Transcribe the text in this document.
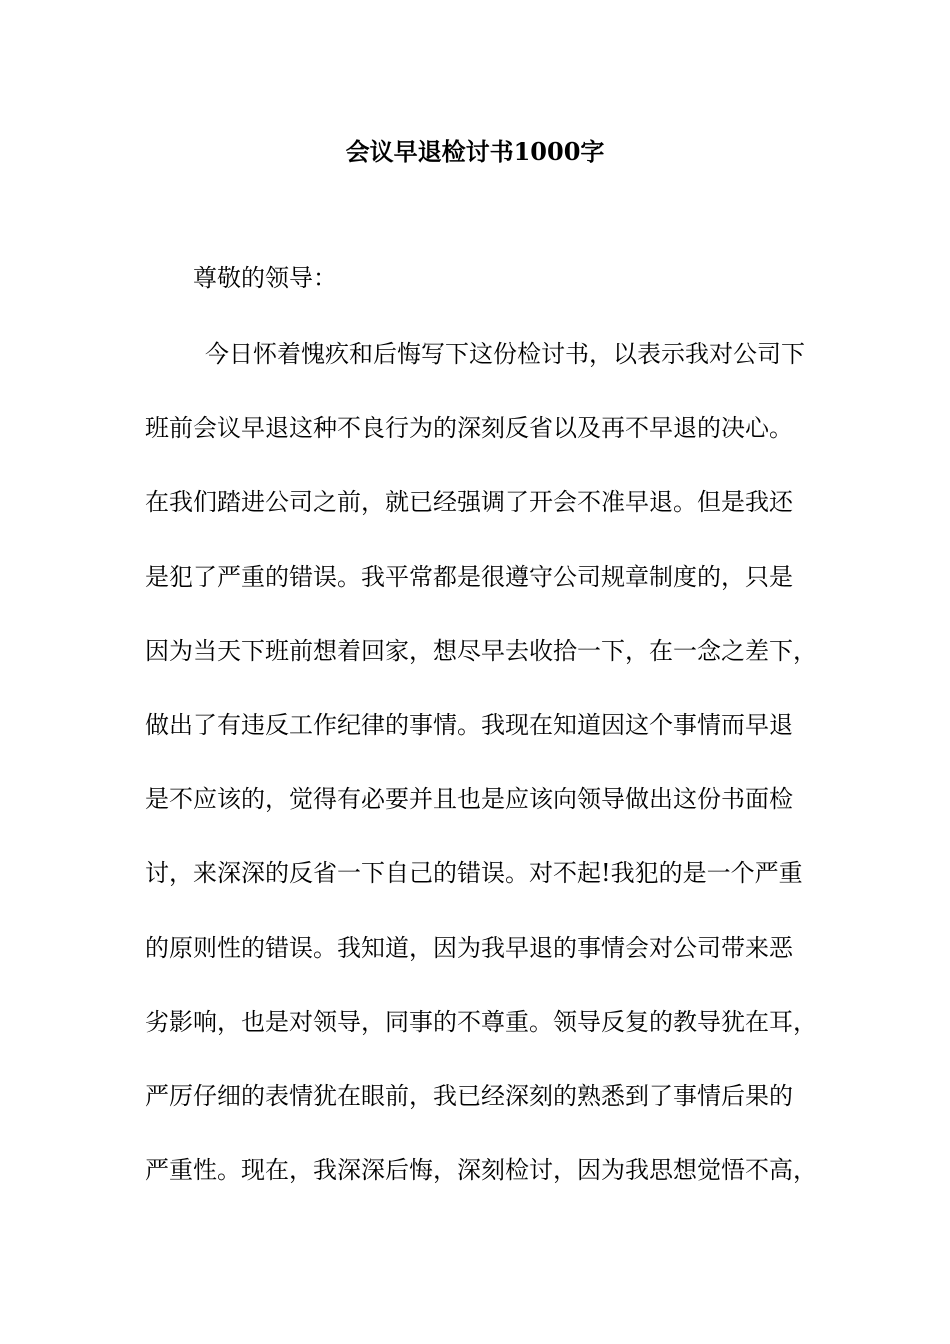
会议早退检讨书1000字

尊敬的领导：

今日怀着愧疚和后悔写下这份检讨书，以表示我对公司下

班前会议早退这种不良行为的深刻反省以及再不早退的决心。

在我们踏进公司之前，就已经强调了开会不准早退。但是我还

是犯了严重的错误。我平常都是很遵守公司规章制度的，只是

因为当天下班前想着回家，想尽早去收拾一下，在一念之差下，

做出了有违反工作纪律的事情。我现在知道因这个事情而早退

是不应该的，觉得有必要并且也是应该向领导做出这份书面检

讨，来深深的反省一下自己的错误。对不起!我犯的是一个严重

的原则性的错误。我知道，因为我早退的事情会对公司带来恶

劣影响，也是对领导，同事的不尊重。领导反复的教导犹在耳，

严厉仔细的表情犹在眼前，我已经深刻的熟悉到了事情后果的

严重性。现在，我深深后悔，深刻检讨，因为我思想觉悟不高，
